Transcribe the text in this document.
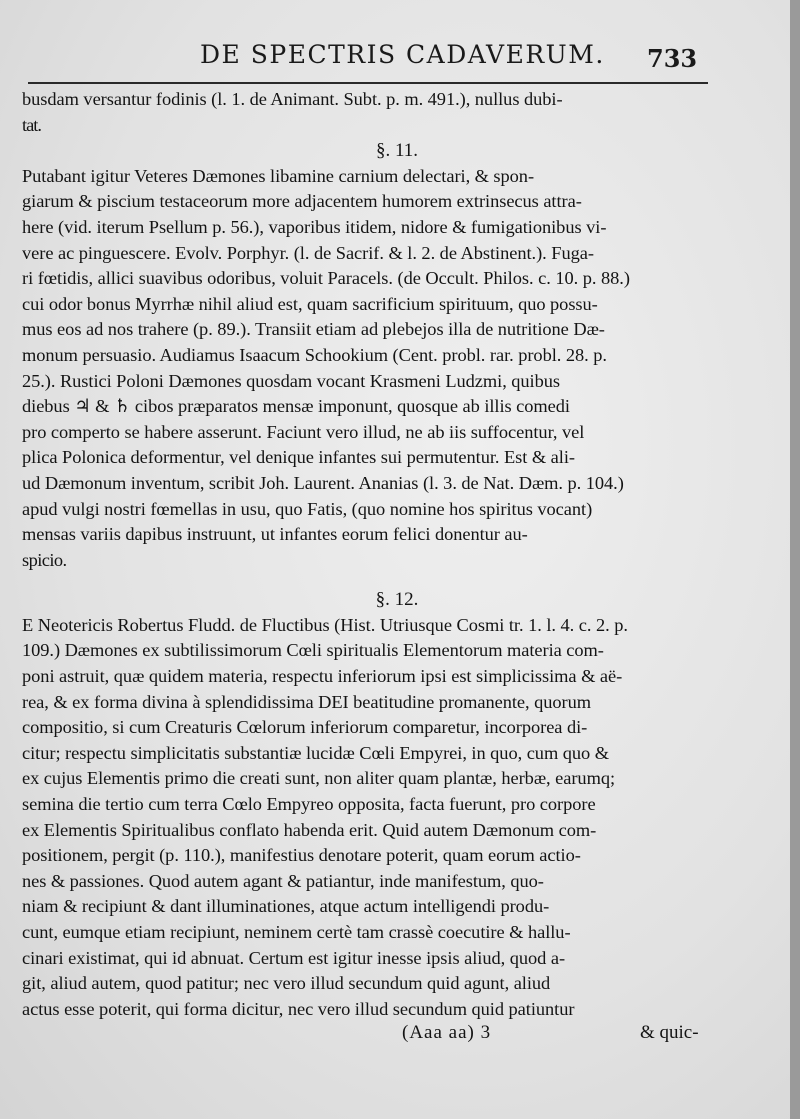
DE SPECTRIS CADAVERUM. 733
busdam versantur fodinis (l. 1. de Animant. Subt. p. m. 491.), nullus dubi-
tat.
§. 11.
Putabant igitur Veteres Dæmones libamine carnium delectari, & spon-
giarum & piscium testaceorum more adjacentem humorem extrinsecus attra-
here (vid. iterum Psellum p. 56.), vaporibus itidem, nidore & fumigationibus vi-
vere ac pinguescere. Evolv. Porphyr. (l. de Sacrif. & l. 2. de Abstinent.). Fuga-
ri fœtidis, allici suavibus odoribus, voluit Paracels. (de Occult. Philos. c. 10. p. 88.)
cui odor bonus Myrrhæ nihil aliud est, quam sacrificium spirituum, quo possu-
mus eos ad nos trahere (p. 89.). Transiit etiam ad plebejos illa de nutritione Dæ-
monum persuasio. Audiamus Isaacum Schookium (Cent. probl. rar. probl. 28. p.
25.). Rustici Poloni Dæmones quosdam vocant Krasmeni Ludzmi, quibus
diebus ♃ & ♄ cibos præparatos mensæ imponunt, quosque ab illis comedi
pro comperto se habere asserunt. Faciunt vero illud, ne ab iis suffocentur, vel
plica Polonica deformentur, vel denique infantes sui permutentur. Est & ali-
ud Dæmonum inventum, scribit Joh. Laurent. Ananias (l. 3. de Nat. Dæm. p. 104.)
apud vulgi nostri fœmellas in usu, quo Fatis, (quo nomine hos spiritus vocant)
mensas variis dapibus instruunt, ut infantes eorum felici donentur au-
spicio.
§. 12.
E Neotericis Robertus Fludd. de Fluctibus (Hist. Utriusque Cosmi tr. 1. l. 4. c. 2. p.
109.) Dæmones ex subtilissimorum Cœli spiritualis Elementorum materia com-
poni astruit, quæ quidem materia, respectu inferiorum ipsi est simplicissima & aë-
rea, & ex forma divina à splendidissima DEI beatitudine promanente, quorum
compositio, si cum Creaturis Cœlorum inferiorum comparetur, incorporea di-
citur; respectu simplicitatis substantiæ lucidæ Cœli Empyrei, in quo, cum quo &
ex cujus Elementis primo die creati sunt, non aliter quam plantæ, herbæ, earumq;
semina die tertio cum terra Cœlo Empyreo opposita, facta fuerunt, pro corpore
ex Elementis Spiritualibus conflato habenda erit. Quid autem Dæmonum com-
positionem, pergit (p. 110.), manifestius denotare poterit, quam eorum actio-
nes & passiones. Quod autem agant & patiantur, inde manifestum, quo-
niam & recipiunt & dant illuminationes, atque actum intelligendi produ-
cunt, eumque etiam recipiunt, neminem certè tam crassè coecutire & hallu-
cinari existimat, qui id abnuat. Certum est igitur inesse ipsis aliud, quod a-
git, aliud autem, quod patitur; nec vero illud secundum quid agunt, aliud
actus esse poterit, qui forma dicitur, nec vero illud secundum quid patiuntur
(Aaa aa) 3	& quic-
